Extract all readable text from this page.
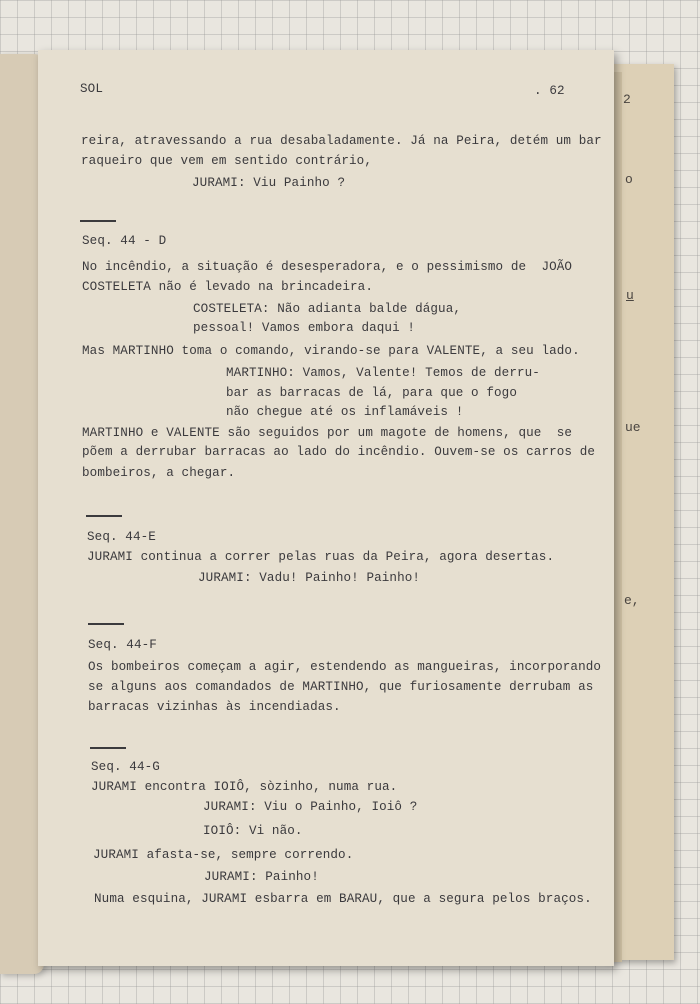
2
o
u
ue
e,
SOL	. 62
reira, atravessando a rua desabaladamente. Já na Peira, detém um bar
raqueiro que vem em sentido contrário,
JURAMI: Viu Painho ?
Seq. 44 - D
No incêndio, a situação é desesperadora, e o pessimismo de  JOÃO
COSTELETA não é levado na brincadeira.
COSTELETA: Não adianta balde dágua,
pessoal! Vamos embora daqui !
Mas MARTINHO toma o comando, virando-se para VALENTE, a seu lado.
MARTINHO: Vamos, Valente! Temos de derru-
bar as barracas de lá, para que o fogo
não chegue até os inflamáveis !
MARTINHO e VALENTE são seguidos por um magote de homens, que  se
põem a derrubar barracas ao lado do incêndio. Ouvem-se os carros de
bombeiros, a chegar.
Seq. 44-E
JURAMI continua a correr pelas ruas da Peira, agora desertas.
JURAMI: Vadu! Painho! Painho!
Seq. 44-F
Os bombeiros começam a agir, estendendo as mangueiras, incorporando
se alguns aos comandados de MARTINHO, que furiosamente derrubam as
barracas vizinhas às incendiadas.
Seq. 44-G
JURAMI encontra IOIÔ, sòzinho, numa rua.
JURAMI: Viu o Painho, Ioiô ?
IOIÔ: Vi não.
JURAMI afasta-se, sempre correndo.
JURAMI: Painho!
Numa esquina, JURAMI esbarra em BARAU, que a segura pelos braços.
